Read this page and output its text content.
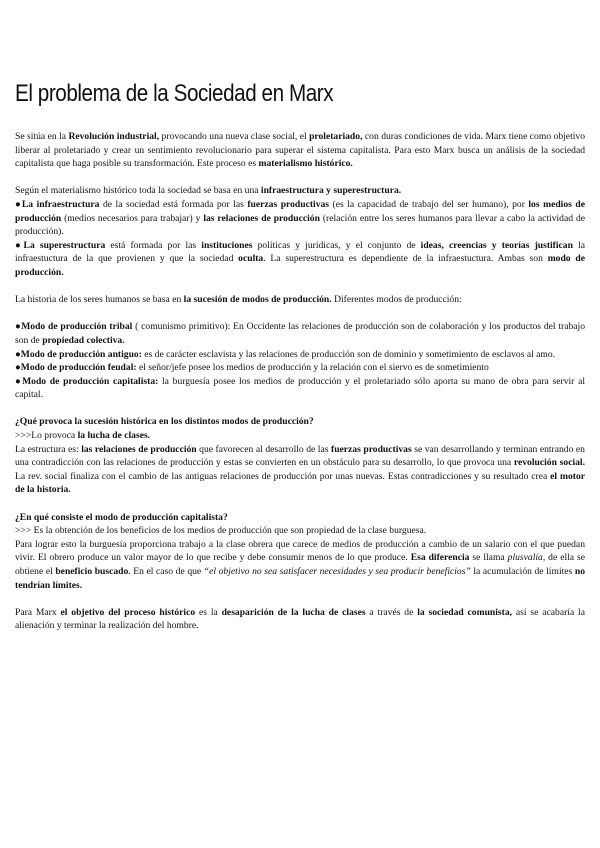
El problema de la Sociedad en Marx

Se sitúa en la Revolución industrial, provocando una nueva clase social, el proletariado, con duras condiciones de vida. Marx tiene como objetivo liberar al proletariado y crear un sentimiento revolucionario para superar el sistema capitalista. Para esto Marx busca un análisis de la sociedad capitalista que haga posible su transformación. Este proceso es materialismo histórico.

Según el materialismo histórico toda la sociedad se basa en una infraestructura y superestructura.

●La infraestructura de la sociedad está formada por las fuerzas productivas (es la capacidad de trabajo del ser humano), por los medios de producción (medios necesarios para trabajar) y las relaciones de producción (relación entre los seres humanos para llevar a cabo la actividad de producción).

●La superestructura está formada por las instituciones políticas y jurídicas, y el conjunto de ideas, creencias y teorías justifican la infraestuctura de la que provienen y que la sociedad oculta. La superestructura es dependiente de la infraestuctura. Ambas son modo de producción.

La historia de los seres humanos se basa en la sucesión de modos de producción. Diferentes modos de producción:

●Modo de producción tribal ( comunismo primitivo): En Occidente las relaciones de producción son de colaboración y los productos del trabajo son de propiedad colectiva.

●Modo de producción antiguo: es de carácter esclavista y las relaciones de producción son de dominio y sometimiento de esclavos al amo.

●Modo de producción feudal: el señor/jefe posee los medios de producción y la relación con el siervo es de sometimiento

●Modo de producción capitalista: la burguesía posee los medios de producción y el proletariado sólo aporta su mano de obra para servir al capital.

¿Qué provoca la sucesión histórica en los distintos modos de producción?

>>>Lo provoca la lucha de clases.

La estructura es: las relaciones de producción que favorecen al desarrollo de las fuerzas productivas se van desarrollando y terminan entrando en una contradicción con las relaciones de producción y estas se convierten en un obstáculo para su desarrollo, lo que provoca una revolución social. La rev. social finaliza con el cambio de las antiguas relaciones de producción por unas nuevas. Estas contradicciones y su resultado crea el motor de la historia.

¿En qué consiste el modo de producción capitalista?

>>> Es la obtención de los beneficios de los medios de producción que son propiedad de la clase burguesa.

Para lograr esto la burguesía proporciona trabajo a la clase obrera que carece de medios de producción a cambio de un salario con el que puedan vivir. El obrero produce un valor mayor de lo que recibe y debe consumir menos de lo que produce. Esa diferencia se llama plusvalía, de ella se obtiene el beneficio buscado. En el caso de que “el objetivo no sea satisfacer necesidades y sea producir beneficios” la acumulación de límites no tendrían límites.

Para Marx el objetivo del proceso histórico es la desaparición de la lucha de clases a través de la sociedad comunista, así se acabaría la alienación y terminar la realización del hombre.
